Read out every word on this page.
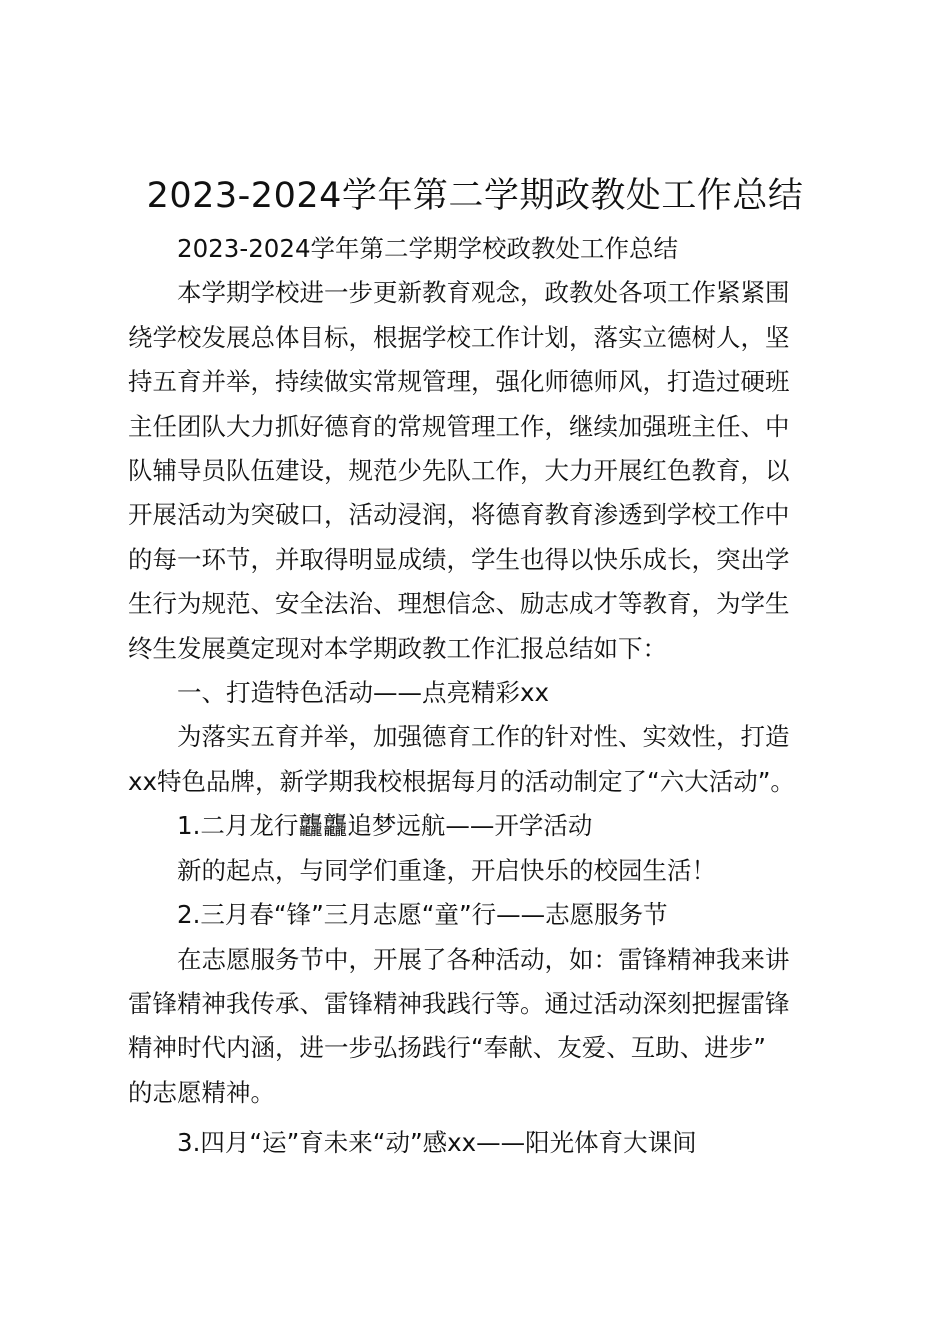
2023-2024学年第二学期政教处工作总结

2023-2024学年第二学期学校政教处工作总结

本学期学校进一步更新教育观念，政教处各项工作紧紧围

绕学校发展总体目标，根据学校工作计划，落实立德树人，坚

持五育并举，持续做实常规管理，强化师德师风，打造过硬班

主任团队大力抓好德育的常规管理工作，继续加强班主任、中

队辅导员队伍建设，规范少先队工作，大力开展红色教育，以

开展活动为突破口，活动浸润，将德育教育渗透到学校工作中

的每一环节，并取得明显成绩，学生也得以快乐成长，突出学

生行为规范、安全法治、理想信念、励志成才等教育，为学生

终生发展奠定现对本学期政教工作汇报总结如下：

一、打造特色活动——点亮精彩xx

为落实五育并举，加强德育工作的针对性、实效性，打造

xx特色品牌，新学期我校根据每月的活动制定了“六大活动”。

1.二月龙行龘龘追梦远航——开学活动

新的起点，与同学们重逢，开启快乐的校园生活！

2.三月春“锋”三月志愿“童”行——志愿服务节

在志愿服务节中，开展了各种活动，如：雷锋精神我来讲

雷锋精神我传承、雷锋精神我践行等。通过活动深刻把握雷锋

精神时代内涵，进一步弘扬践行“奉献、友爱、互助、进步”

的志愿精神。

3.四月“运”育未来“动”感xx——阳光体育大课间
